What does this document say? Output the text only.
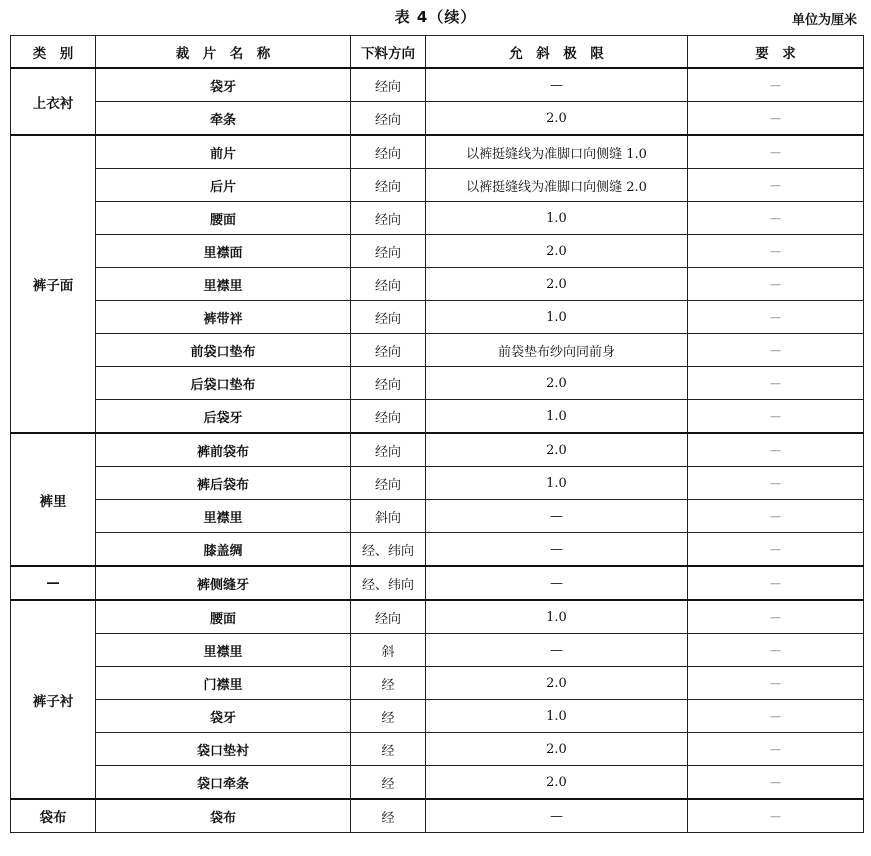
表 4（续）	单位为厘米
类　别	裁　片　名　称	下料方向	允　斜　极　限	要　求
上衣衬	袋牙	经向	—	—
	牵条	经向	2.0	—
裤子面	前片	经向	以裤挺缝线为准脚口向侧缝 1.0	—
	后片	经向	以裤挺缝线为准脚口向侧缝 2.0	—
	腰面	经向	1.0	—
	里襟面	经向	2.0	—
	里襟里	经向	2.0	—
	裤带袢	经向	1.0	—
	前袋口垫布	经向	前袋垫布纱向同前身	—
	后袋口垫布	经向	2.0	—
	后袋牙	经向	1.0	—
裤里	裤前袋布	经向	2.0	—
	裤后袋布	经向	1.0	—
	里襟里	斜向	—	—
	膝盖绸	经、纬向	—	—
—	裤侧缝牙	经、纬向	—	—
裤子衬	腰面	经向	1.0	—
	里襟里	斜	—	—
	门襟里	经	2.0	—
	袋牙	经	1.0	—
	袋口垫衬	经	2.0	—
	袋口牵条	经	2.0	—
袋布	袋布	经	—	—
